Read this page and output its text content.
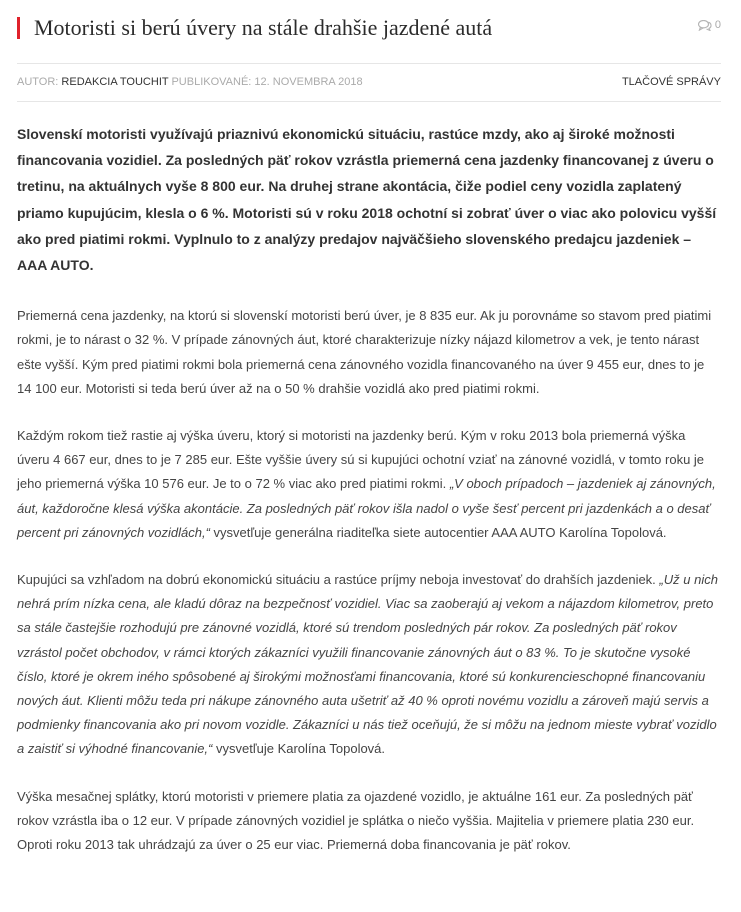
Motoristi si berú úvery na stále drahšie jazdené autá	0
AUTOR: REDAKCIA TOUCHIT PUBLIKOVANÉ: 12. NOVEMBRA 2018	TLAČOVÉ SPRÁVY

Slovenskí motoristi využívajú priaznivú ekonomickú situáciu, rastúce mzdy, ako aj široké možnosti financovania vozidiel. Za posledných päť rokov vzrástla priemerná cena jazdenky financovanej z úveru o tretinu, na aktuálnych vyše 8 800 eur. Na druhej strane akontácia, čiže podiel ceny vozidla zaplatený priamo kupujúcim, klesla o 6 %. Motoristi sú v roku 2018 ochotní si zobrať úver o viac ako polovicu vyšší ako pred piatimi rokmi. Vyplnulo to z analýzy predajov najväčšieho slovenského predajcu jazdeniek – AAA AUTO.

Priemerná cena jazdenky, na ktorú si slovenskí motoristi berú úver, je 8 835 eur. Ak ju porovnáme so stavom pred piatimi rokmi, je to nárast o 32 %. V prípade zánovných áut, ktoré charakterizuje nízky nájazd kilometrov a vek, je tento nárast ešte vyšší. Kým pred piatimi rokmi bola priemerná cena zánovného vozidla financovaného na úver 9 455 eur, dnes to je 14 100 eur. Motoristi si teda berú úver až na o 50 % drahšie vozidlá ako pred piatimi rokmi.

Každým rokom tiež rastie aj výška úveru, ktorý si motoristi na jazdenky berú. Kým v roku 2013 bola priemerná výška úveru 4 667 eur, dnes to je 7 285 eur. Ešte vyššie úvery sú si kupujúci ochotní vziať na zánovné vozidlá, v tomto roku je jeho priemerná výška 10 576 eur. Je to o 72 % viac ako pred piatimi rokmi. „V oboch prípadoch – jazdeniek aj zánovných, áut, každoročne klesá výška akontácie. Za posledných päť rokov išla nadol o vyše šesť percent pri jazdenkách a o desať percent pri zánovných vozidlách,“ vysvetľuje generálna riaditeľka siete autocentier AAA AUTO Karolína Topolová.

Kupujúci sa vzhľadom na dobrú ekonomickú situáciu a rastúce príjmy neboja investovať do drahších jazdeniek. „Už u nich nehrá prím nízka cena, ale kladú dôraz na bezpečnosť vozidiel. Viac sa zaoberajú aj vekom a nájazdom kilometrov, preto sa stále častejšie rozhodujú pre zánovné vozidlá, ktoré sú trendom posledných pár rokov. Za posledných päť rokov vzrástol počet obchodov, v rámci ktorých zákazníci využili financovanie zánovných áut o 83 %. To je skutočne vysoké číslo, ktoré je okrem iného spôsobené aj širokými možnosťami financovania, ktoré sú konkurencieschopné financovaniu nových áut. Klienti môžu teda pri nákupe zánovného auta ušetriť až 40 % oproti novému vozidlu a zároveň majú servis a podmienky financovania ako pri novom vozidle. Zákazníci u nás tiež oceňujú, že si môžu na jednom mieste vybrať vozidlo a zaistiť si výhodné financovanie,“ vysvetľuje Karolína Topolová.

Výška mesačnej splátky, ktorú motoristi v priemere platia za ojazdené vozidlo, je aktuálne 161 eur. Za posledných päť rokov vzrástla iba o 12 eur. V prípade zánovných vozidiel je splátka o niečo vyššia. Majitelia v priemere platia 230 eur. Oproti roku 2013 tak uhrádzajú za úver o 25 eur viac. Priemerná doba financovania je päť rokov.
